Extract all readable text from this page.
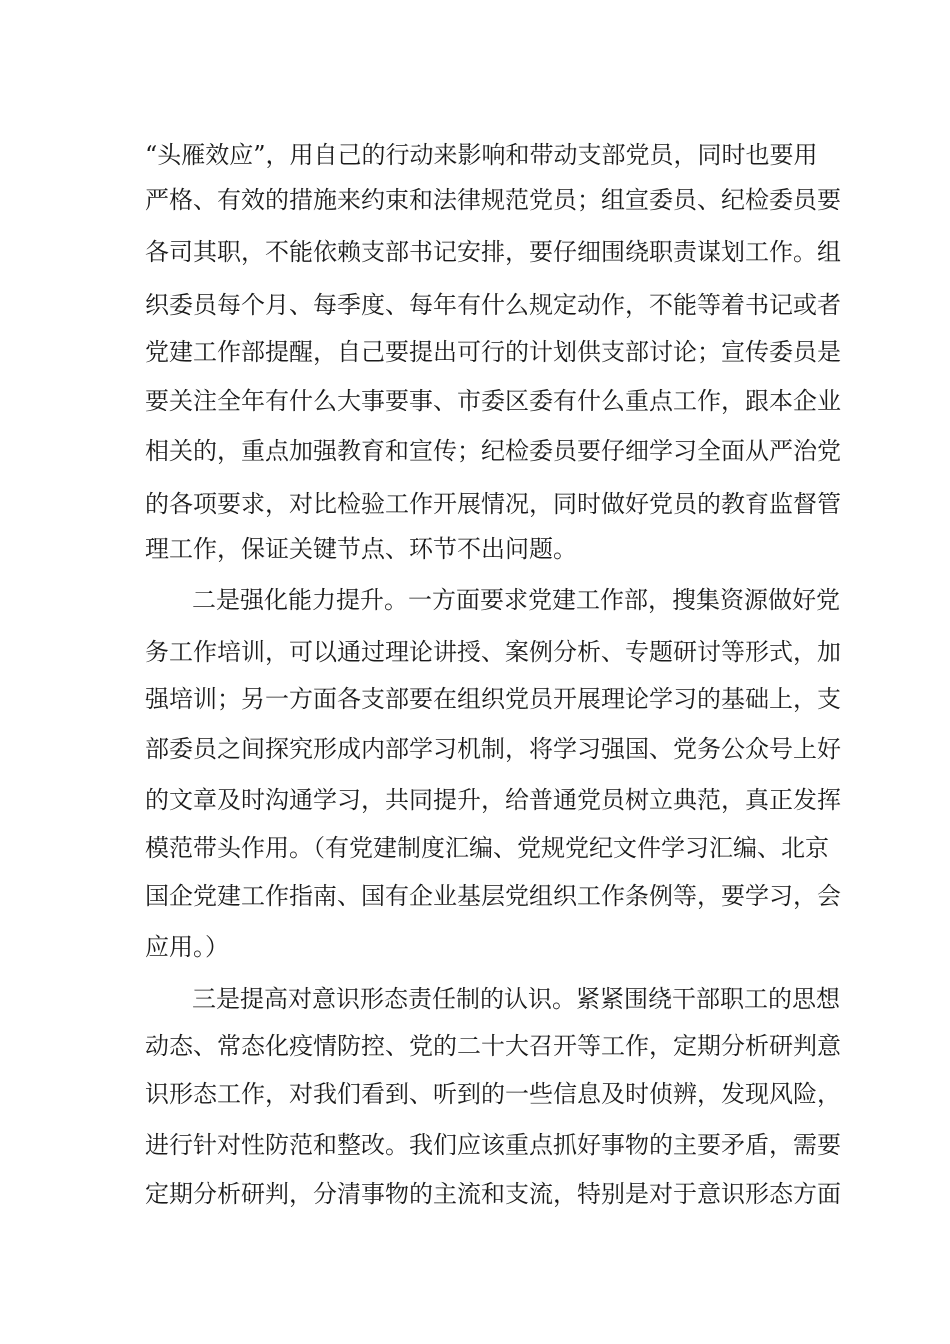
“头雁效应”，用自己的行动来影响和带动支部党员，同时也要用
严格、有效的措施来约束和法律规范党员；组宣委员、纪检委员要
各司其职，不能依赖支部书记安排，要仔细围绕职责谋划工作。组
织委员每个月、每季度、每年有什么规定动作，不能等着书记或者
党建工作部提醒，自己要提出可行的计划供支部讨论；宣传委员是
要关注全年有什么大事要事、市委区委有什么重点工作，跟本企业
相关的，重点加强教育和宣传；纪检委员要仔细学习全面从严治党
的各项要求，对比检验工作开展情况，同时做好党员的教育监督管
理工作，保证关键节点、环节不出问题。
二是强化能力提升。一方面要求党建工作部，搜集资源做好党
务工作培训，可以通过理论讲授、案例分析、专题研讨等形式，加
强培训；另一方面各支部要在组织党员开展理论学习的基础上，支
部委员之间探究形成内部学习机制，将学习强国、党务公众号上好
的文章及时沟通学习，共同提升，给普通党员树立典范，真正发挥
模范带头作用。（有党建制度汇编、党规党纪文件学习汇编、北京
国企党建工作指南、国有企业基层党组织工作条例等，要学习，会
应用。）
三是提高对意识形态责任制的认识。紧紧围绕干部职工的思想
动态、常态化疫情防控、党的二十大召开等工作，定期分析研判意
识形态工作，对我们看到、听到的一些信息及时侦辨，发现风险，
进行针对性防范和整改。我们应该重点抓好事物的主要矛盾，需要
定期分析研判，分清事物的主流和支流，特别是对于意识形态方面
